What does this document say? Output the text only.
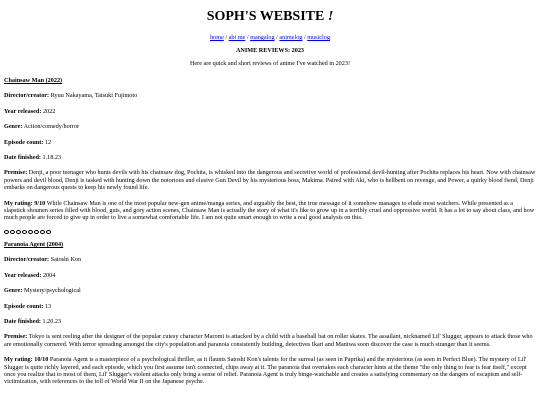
SOPH'S WEBSITE !
home / abt me / mangalog / animelog / musiclog
ANIME REVIEWS: 2023
Here are quick and short reviews of anime I've watched in 2023!
Chainsaw Man (2022)
Director/creator: Ryuu Nakayama, Tatsuki Fujimoto
Year released: 2022
Genre: Action/comedy/horror
Episode count: 12
Date finished: 1.18.23
Premise: Denji, a poor teenager who hunts devils with his chainsaw dog, Pochita, is whisked into the dangerous and secretive world of professional devil-hunting after Pochita replaces his heart. Now with chainsaw powers and devil blood, Denji is tasked with hunting down the notorious and elusive Gun Devil by his mysterious boss, Makima. Paired with Aki, who is hellbent on revenge, and Power, a quirky blood fiend, Denji embarks on dangerous quests to keep his newly found life.
My rating: 9/10 While Chainsaw Man is one of the most popular new-gen anime/manga series, and arguably the best, the true message of it somehow manages to elude most watchers. While presented as a slapstick shounen series filled with blood, guts, and gory action scenes, Chainsaw Man is actually the story of what it's like to grow up in a terribly cruel and oppressive world. It has a lot to say about class, and how much people are forced to give up in order to live a somewhat comfortable life. I am not quite smart enough to write a real good analysis on this.
Paranoia Agent (2004)
Director/creator: Satoshi Kon
Year released: 2004
Genre: Mystery/psychological
Episode count: 13
Date finished: 1.20.23
Premise: Tokyo is sent reeling after the designer of the popular cutesy character Maromi is attacked by a child with a baseball bat on roller skates. The assailant, nicknamed Lil' Slugger, appears to attack those who are emotionally cornered. With terror spreading amongst the city's population and paranoia consistently building, detectives Ikari and Maniwa soon discover the case is much stranger than it seems.
My rating: 10/10 Paranoia Agent is a masterpiece of a psychological thriller, as it flaunts Satoshi Kon's talents for the surreal (as seen in Paprika) and the mysterious (as seen in Perfect Blue). The mystery of Lil' Slugger is quite richly layered, and each episode, which you first assume isn't connected, chips away at it. The paranoia that overtakes each character hints at the theme "the only thing to fear is fear itself," except once you realize that to most of them, Lil' Slugger's violent attacks only bring a sense of relief. Paranoia Agent is truly binge-watchable and creates a satisfying commentary on the dangers of escapism and self-victimization, with references to the toll of World War II on the Japanese psyche.
